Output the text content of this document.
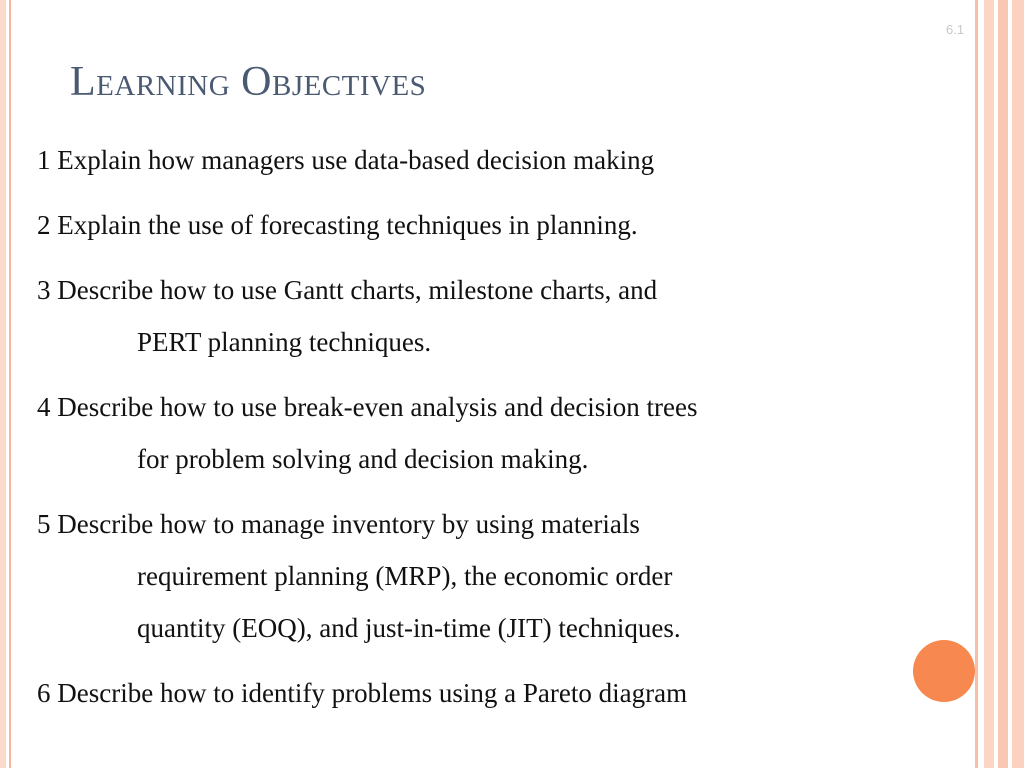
6.1
Learning Objectives
1 Explain how managers use data-based decision making
2 Explain the use of forecasting techniques in planning.
3 Describe how to use Gantt charts, milestone charts, and
PERT planning techniques.
4 Describe how to use break-even analysis and decision trees
for problem solving and decision making.
5 Describe how to manage inventory by using materials
requirement planning (MRP), the economic order
quantity (EOQ), and just-in-time (JIT) techniques.
6 Describe how to identify problems using a Pareto diagram
